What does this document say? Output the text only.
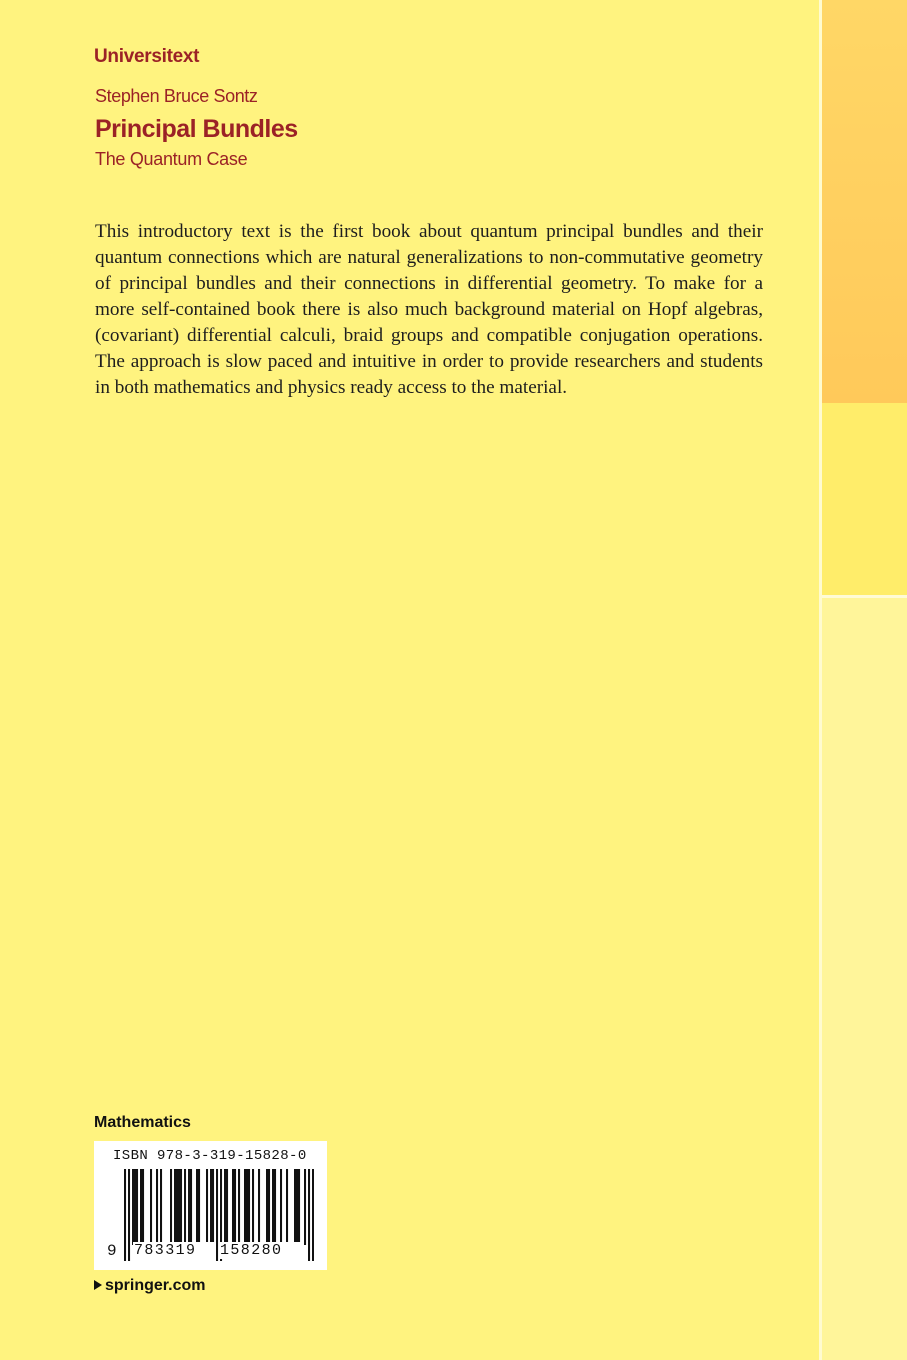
Universitext
Stephen Bruce Sontz
Principal Bundles
The Quantum Case

This introductory text is the first book about quantum principal bundles and their quantum connections which are natural generalizations to non-commutative geometry of principal bundles and their connections in differential geometry. To make for a more self-contained book there is also much background material on Hopf algebras, (covariant) differential calculi, braid groups and compatible conjugation operations. The approach is slow paced and intuitive in order to provide researchers and students in both mathematics and physics ready access to the material.

Mathematics
ISBN 978-3-319-15828-0
9 783319	158280
springer.com
